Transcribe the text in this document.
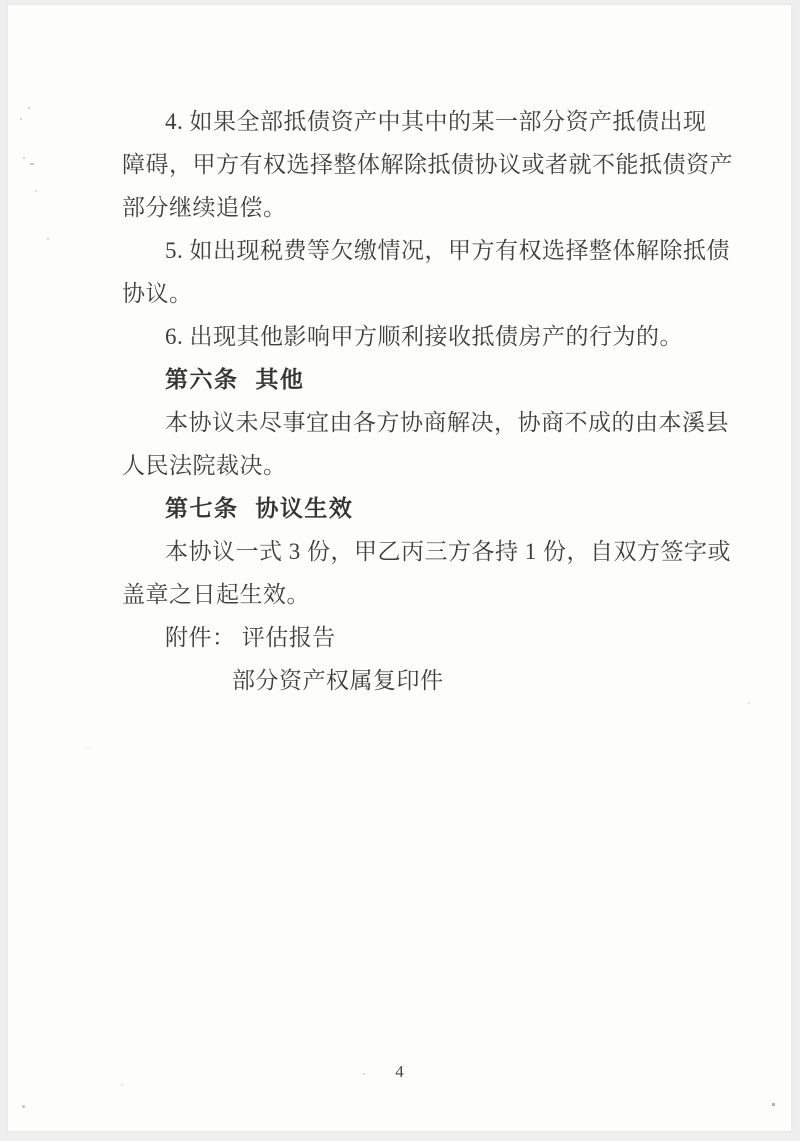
4. 如果全部抵债资产中其中的某一部分资产抵债出现
障碍，甲方有权选择整体解除抵债协议或者就不能抵债资产
部分继续追偿。
5. 如出现税费等欠缴情况，甲方有权选择整体解除抵债
协议。
6. 出现其他影响甲方顺利接收抵债房产的行为的。
第六条 其他
本协议未尽事宜由各方协商解决，协商不成的由本溪县
人民法院裁决。
第七条 协议生效
本协议一式 3 份，甲乙丙三方各持 1 份，自双方签字或
盖章之日起生效。
附件： 评估报告
部分资产权属复印件
4
